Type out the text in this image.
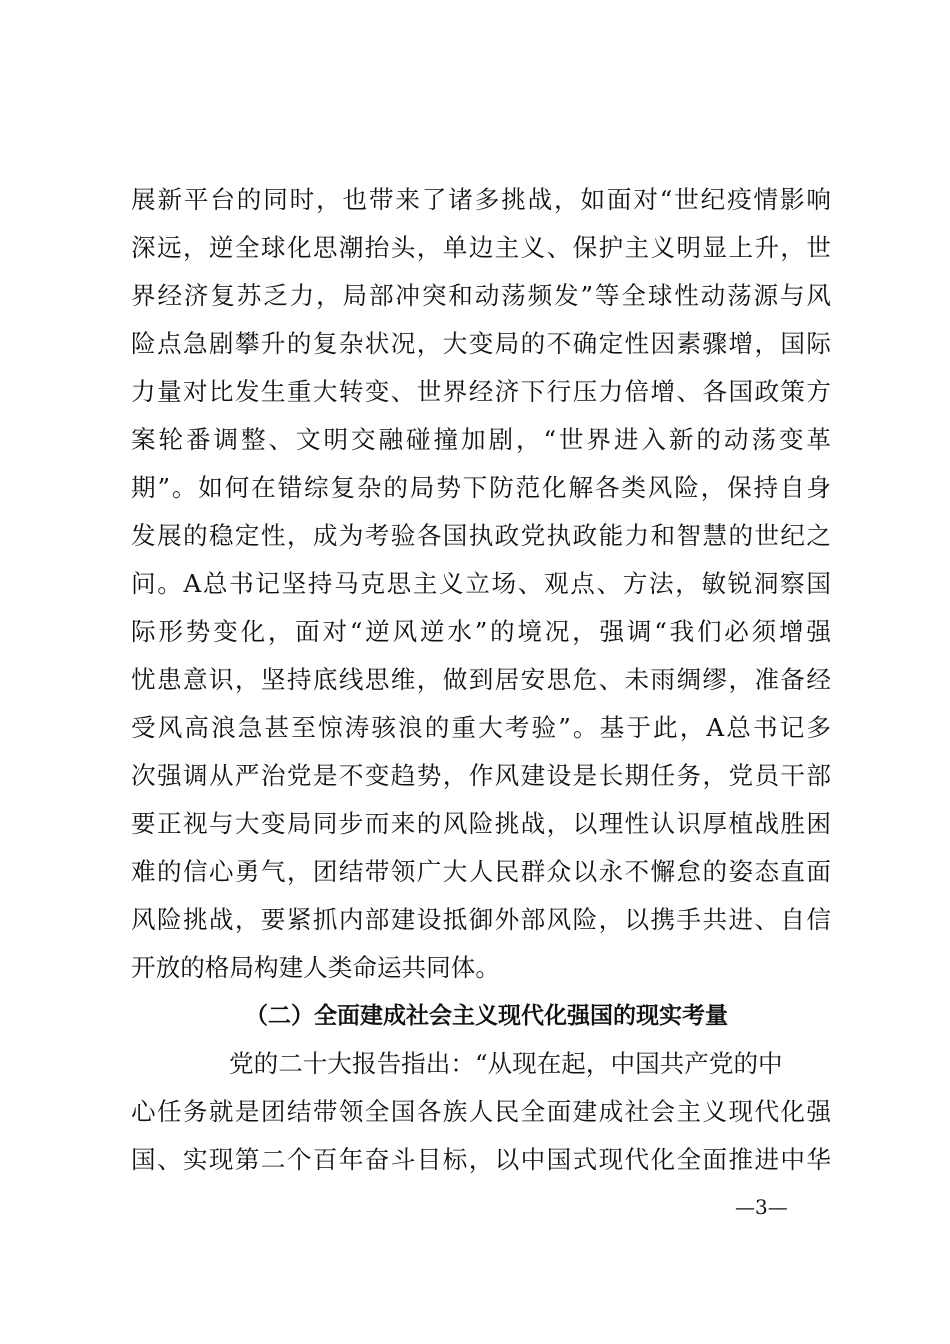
展新平台的同时，也带来了诸多挑战，如面对“世纪疫情影响
深远，逆全球化思潮抬头，单边主义、保护主义明显上升，世
界经济复苏乏力，局部冲突和动荡频发”等全球性动荡源与风
险点急剧攀升的复杂状况，大变局的不确定性因素骤增，国际
力量对比发生重大转变、世界经济下行压力倍增、各国政策方
案轮番调整、文明交融碰撞加剧，“世界进入新的动荡变革
期”。如何在错综复杂的局势下防范化解各类风险，保持自身
发展的稳定性，成为考验各国执政党执政能力和智慧的世纪之
问。A总书记坚持马克思主义立场、观点、方法，敏锐洞察国
际形势变化，面对“逆风逆水”的境况，强调“我们必须增强
忧患意识，坚持底线思维，做到居安思危、未雨绸缪，准备经
受风高浪急甚至惊涛骇浪的重大考验”。基于此，A总书记多
次强调从严治党是不变趋势，作风建设是长期任务，党员干部
要正视与大变局同步而来的风险挑战，以理性认识厚植战胜困
难的信心勇气，团结带领广大人民群众以永不懈怠的姿态直面
风险挑战，要紧抓内部建设抵御外部风险，以携手共进、自信
开放的格局构建人类命运共同体。
（二）全面建成社会主义现代化强国的现实考量
党的二十大报告指出：“从现在起，中国共产党的中
心任务就是团结带领全国各族人民全面建成社会主义现代化强
国、实现第二个百年奋斗目标，以中国式现代化全面推进中华
—3—
